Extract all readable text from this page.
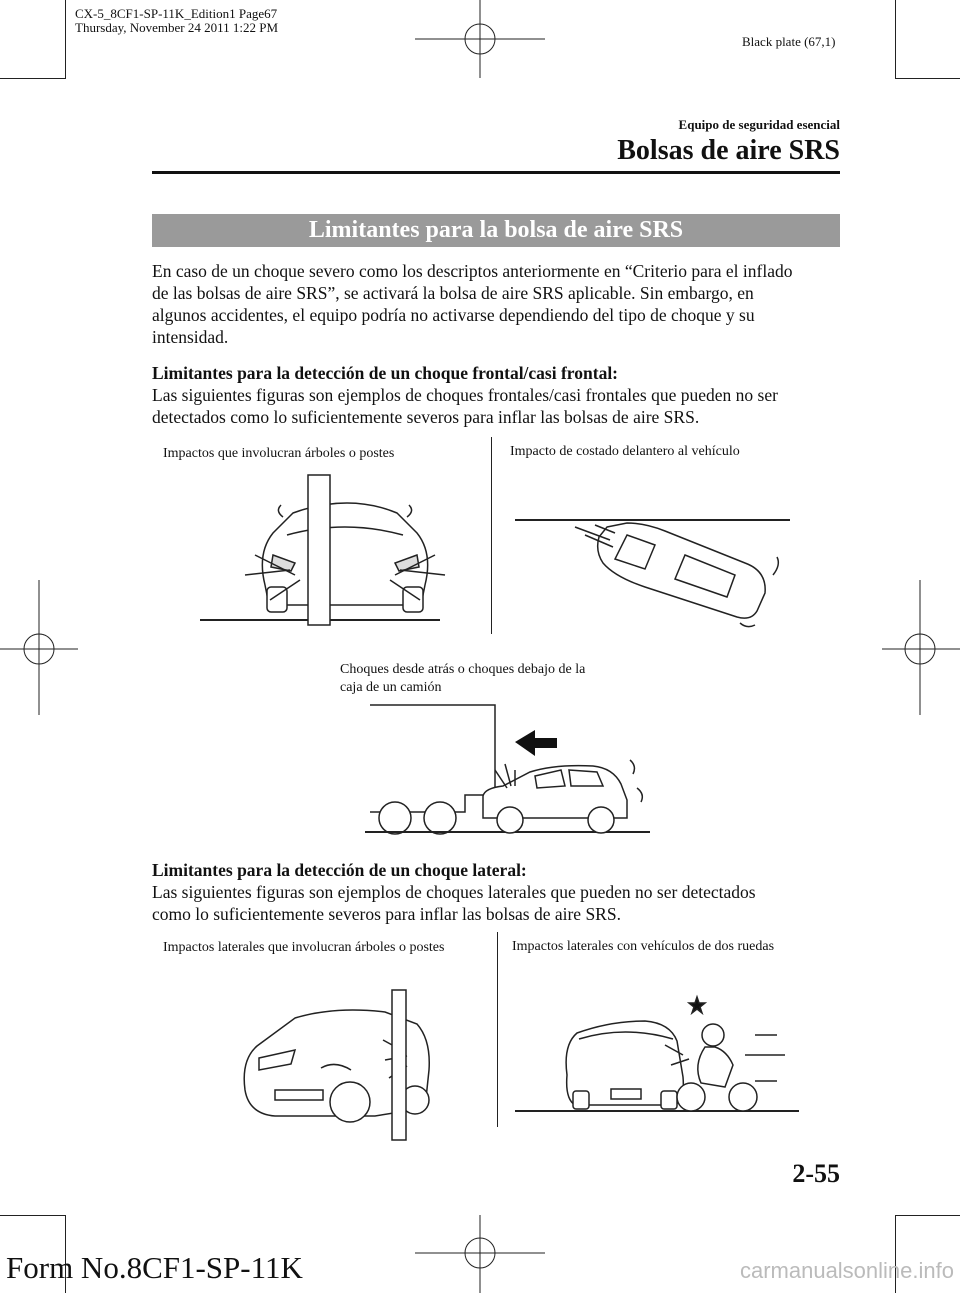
CX-5_8CF1-SP-11K_Edition1 Page67
Thursday, November 24 2011 1:22 PM
Black plate (67,1)
Equipo de seguridad esencial
Bolsas de aire SRS
Limitantes para la bolsa de aire SRS
En caso de un choque severo como los descriptos anteriormente en “Criterio para el inflado
de las bolsas de aire SRS”, se activará la bolsa de aire SRS aplicable. Sin embargo, en
algunos accidentes, el equipo podría no activarse dependiendo del tipo de choque y su
intensidad.
Limitantes para la detección de un choque frontal/casi frontal:
Las siguientes figuras son ejemplos de choques frontales/casi frontales que pueden no ser
detectados como lo suficientemente severos para inflar las bolsas de aire SRS.
Impactos que involucran árboles o postes	Impacto de costado delantero al vehículo
Choques desde atrás o choques debajo de la
caja de un camión
Limitantes para la detección de un choque lateral:
Las siguientes figuras son ejemplos de choques laterales que pueden no ser detectados
como lo suficientemente severos para inflar las bolsas de aire SRS.
Impactos laterales que involucran árboles o postes	Impactos laterales con vehículos de dos ruedas
2-55
Form No.8CF1-SP-11K	carmanualsonline.info
